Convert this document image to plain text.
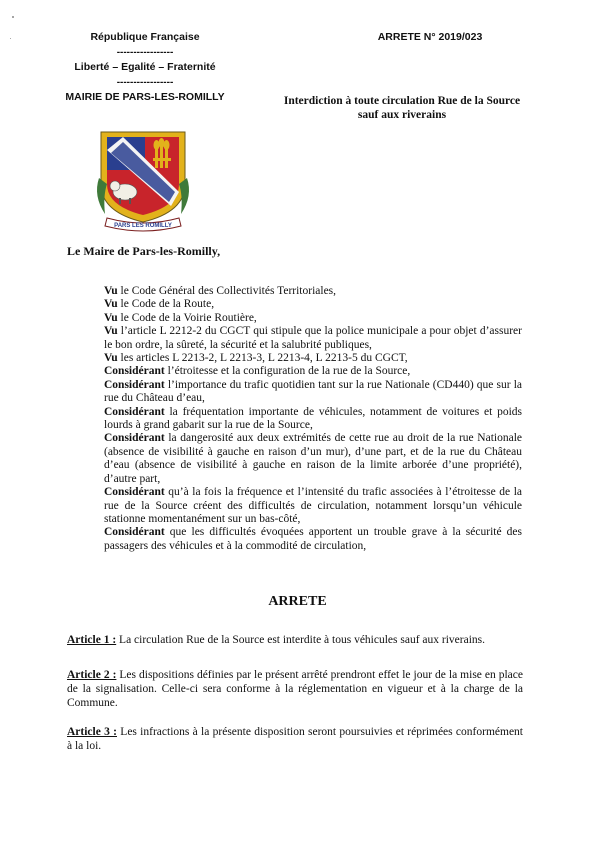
République Française
-----------------
Liberté – Egalité – Fraternité
-----------------
MAIRIE DE PARS-LES-ROMILLY
ARRETE N° 2019/023
Interdiction à toute circulation Rue de la Source
sauf aux riverains
PARS LES ROMILLY
Le Maire de Pars-les-Romilly,

Vu le Code Général des Collectivités Territoriales,

Vu le Code de la Route,

Vu le Code de la Voirie Routière,

Vu l’article L 2212-2 du CGCT qui stipule que la police municipale a pour objet d’assurer le bon ordre, la sûreté, la sécurité et la salubrité publiques,

Vu les articles L 2213-2, L 2213-3, L 2213-4, L 2213-5 du CGCT,

Considérant l’étroitesse et la configuration de la rue de la Source,

Considérant l’importance du trafic quotidien tant sur la rue Nationale (CD440) que sur la rue du Château d’eau,

Considérant la fréquentation importante de véhicules, notamment de voitures et poids lourds à grand gabarit sur la rue de la Source,

Considérant la dangerosité aux deux extrémités de cette rue au droit de la rue Nationale (absence de visibilité à gauche en raison d’un mur), d’une part, et de la rue du Château d’eau (absence de visibilité à gauche en raison de la limite arborée d’une propriété), d’autre part,

Considérant qu’à la fois la fréquence et l’intensité du trafic associées à l’étroitesse de la rue de la Source créent des difficultés de circulation, notamment lorsqu’un véhicule stationne momentanément sur un bas-côté,

Considérant que les difficultés évoquées apportent un trouble grave à la sécurité des passagers des véhicules et à la commodité de circulation,

ARRETE
Article 1 : La circulation Rue de la Source est interdite à tous véhicules sauf aux riverains.
Article 2 : Les dispositions définies par le présent arrêté prendront effet le jour de la mise en place de la signalisation. Celle-ci sera conforme à la réglementation en vigueur et à la charge de la Commune.
Article 3 : Les infractions à la présente disposition seront poursuivies et réprimées conformément à la loi.
